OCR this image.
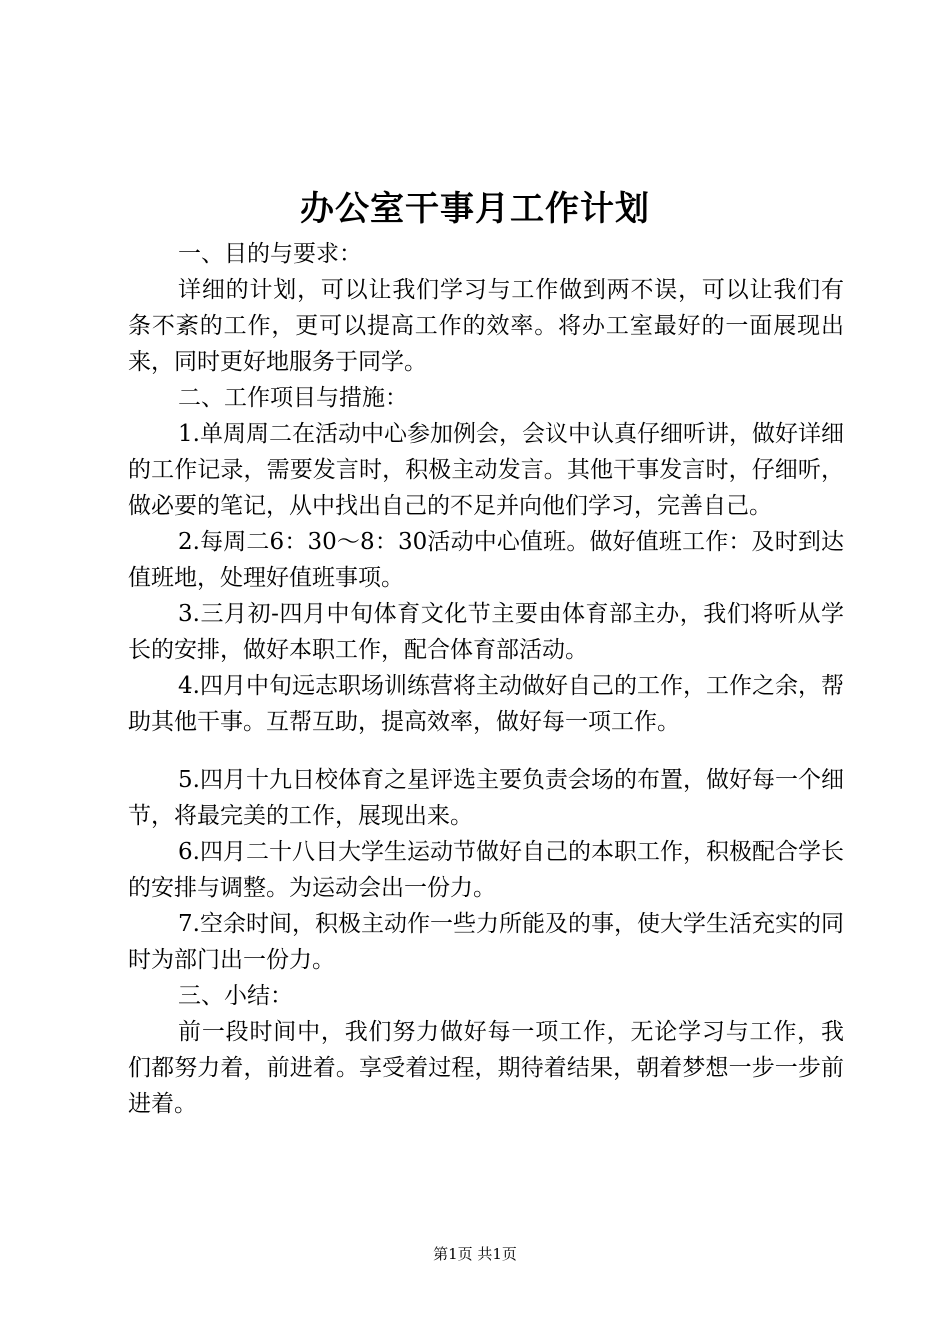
办公室干事月工作计划

一、目的与要求：

详细的计划，可以让我们学习与工作做到两不误，可以让我们有条不紊的工作，更可以提高工作的效率。将办工室最好的一面展现出来，同时更好地服务于同学。

二、工作项目与措施：

1.单周周二在活动中心参加例会，会议中认真仔细听讲，做好详细的工作记录，需要发言时，积极主动发言。其他干事发言时，仔细听，做必要的笔记，从中找出自己的不足并向他们学习，完善自己。

2.每周二6：30～8：30活动中心值班。做好值班工作：及时到达值班地，处理好值班事项。

3.三月初-四月中旬体育文化节主要由体育部主办，我们将听从学长的安排，做好本职工作，配合体育部活动。

4.四月中旬远志职场训练营将主动做好自己的工作，工作之余，帮助其他干事。互帮互助，提高效率，做好每一项工作。

5.四月十九日校体育之星评选主要负责会场的布置，做好每一个细节，将最完美的工作，展现出来。

6.四月二十八日大学生运动节做好自己的本职工作，积极配合学长的安排与调整。为运动会出一份力。

7.空余时间，积极主动作一些力所能及的事，使大学生活充实的同时为部门出一份力。

三、小结：

前一段时间中，我们努力做好每一项工作，无论学习与工作，我们都努力着，前进着。享受着过程，期待着结果，朝着梦想一步一步前进着。

第1页 共1页
